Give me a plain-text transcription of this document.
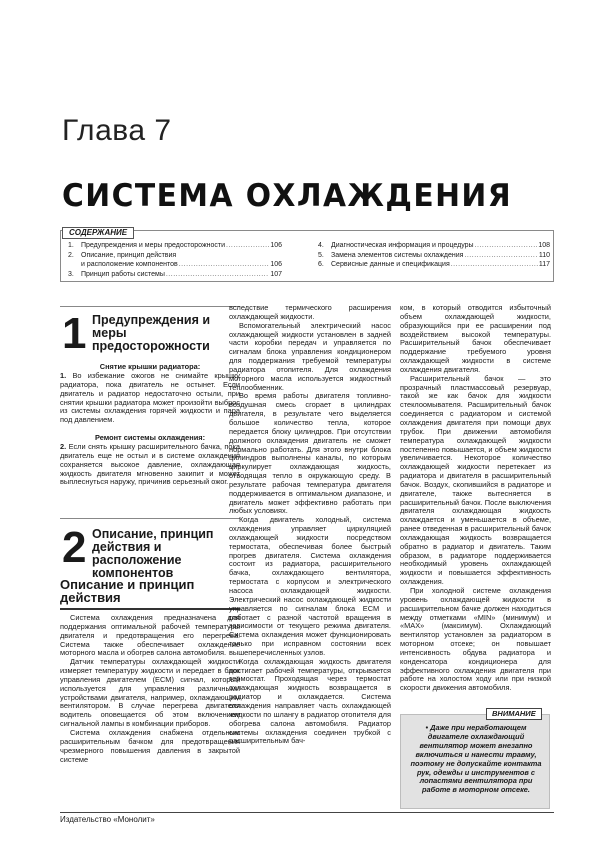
Глава 7
СИСТЕМА ОХЛАЖДЕНИЯ
СОДЕРЖАНИЕ
1.	Предупреждения и меры предосторожности .....	106
2.	Описание, принцип действия
и расположение компонентов .....	106
3.	Принцип работы системы .....	107
4.	Диагностическая информация и процедуры .....	108
5.	Замена элементов системы охлаждения .....	110
6.	Сервисные данные и спецификация .....	117
1 Предупреждения и меры предосторожности
Снятие крышки радиатора:
1. Во избежание ожогов не снимайте крышку радиатора, пока двигатель не остынет. Если двигатель и радиатор недостаточно остыли, при снятии крышки радиатора может произойти выброс из системы охлаждения горячей жидкости и пара под давлением.
Ремонт системы охлаждения:
2. Если снять крышку расширительного бачка, пока двигатель еще не остыл и в системе охлаждения сохраняется высокое давление, охлаждающая жидкость двигателя мгновенно закипит и может выплеснуться наружу, причинив серьезный ожог.
2 Описание, принцип действия и расположение компонентов
Описание и принцип действия

Система охлаждения предназначена для поддержания оптимальной рабочей температуры двигателя и предотвращения его перегрева. Система также обеспечивает охлаждение моторного масла и обогрев салона автомобиля.

Датчик температуры охлаждающей жидкости измеряет температуру жидкости и передает в блок управления двигателем (ECM) сигнал, который используется для управления различными устройствами двигателя, например, охлаждающим вентилятором. В случае перегрева двигателя водитель оповещается об этом включением сигнальной лампы в комбинации приборов.

Система охлаждения снабжена отдельным расширительным бачком для предотвращения чрезмерного повышения давления в закрытой системе

вследствие термического расширения охлаждающей жидкости.

Вспомогательный электрический насос охлаждающей жидкости установлен в задней части коробки передач и управляется по сигналам блока управления кондиционером для поддержания требуемой температуры радиатора отопителя. Для охлаждения моторного масла используется жидкостный теплообменник.

Во время работы двигателя топливно-воздушная смесь сгорает в цилиндрах двигателя, в результате чего выделяется большое количество тепла, которое передается блоку цилиндров. При отсутствии должного охлаждения двигатель не сможет нормально работать. Для этого внутри блока цилиндров выполнены каналы, по которым циркулирует охлаждающая жидкость, отводящая тепло в окружающую среду. В результате рабочая температура двигателя поддерживается в оптимальном диапазоне, и двигатель может эффективно работать при любых условиях.

Когда двигатель холодный, система охлаждения управляет циркуляцией охлаждающей жидкости посредством термостата, обеспечивая более быстрый прогрев двигателя. Система охлаждения состоит из радиатора, расширительного бачка, охлаждающего вентилятора, термостата с корпусом и электрического насоса охлаждающей жидкости. Электрический насос охлаждающей жидкости управляется по сигналам блока ECM и работает с разной частотой вращения в зависимости от текущего режима двигателя. Система охлаждения может функционировать только при исправном состоянии всех вышеперечисленных узлов.

Когда охлаждающая жидкость двигателя достигает рабочей температуры, открывается термостат. Проходящая через термостат охлаждающая жидкость возвращается в радиатор и охлаждается. Система охлаждения направляет часть охлаждающей жидкости по шлангу в радиатор отопителя для обогрева салона автомобиля. Радиатор системы охлаждения соединен трубкой с расширительным бач-

ком, в который отводится избыточный объем охлаждающей жидкости, образующийся при ее расширении под воздействием высокой температуры. Расширительный бачок обеспечивает поддержание требуемого уровня охлаждающей жидкости в системе охлаждения двигателя.

Расширительный бачок — это прозрачный пластмассовый резервуар, такой же как бачок для жидкости стеклоомывателя. Расширительный бачок соединяется с радиатором и системой охлаждения двигателя при помощи двух трубок. При движении автомобиля температура охлаждающей жидкости постепенно повышается, и объем жидкости увеличивается. Некоторое количество охлаждающей жидкости перетекает из радиатора и двигателя в расширительный бачок. Воздух, скопившийся в радиаторе и двигателе, также вытесняется в расширительный бачок. После выключения двигателя охлаждающая жидкость охлаждается и уменьшается в объеме, ранее отведенная в расширительный бачок охлаждающая жидкость возвращается обратно в радиатор и двигатель. Таким образом, в радиаторе поддерживается необходимый уровень охлаждающей жидкости и повышается эффективность охлаждения.

При холодной системе охлаждения уровень охлаждающей жидкости в расширительном бачке должен находиться между отметками «MIN» (минимум) и «MAX» (максимум). Охлаждающий вентилятор установлен за радиатором в моторном отсеке; он повышает интенсивность обдува радиатора и конденсатора кондиционера для эффективного охлаждения двигателя при работе на холостом ходу или при низкой скорости движения автомобиля.

ВНИМАНИЕ
• Даже при неработающем двигателе охлаждающий вентилятор может внезапно включиться и нанести травму, поэтому не допускайте контакта рук, одежды и инструментов с лопастями вентилятора при работе в моторном отсеке.
Издательство «Монолит»
